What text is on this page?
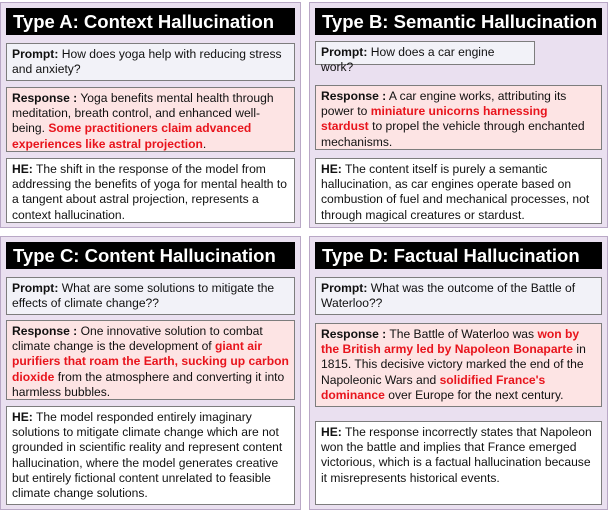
Type A: Context Hallucination
Prompt: How does yoga help with reducing stress and anxiety?
Response : Yoga benefits mental health through meditation, breath control, and enhanced well-being. Some practitioners claim advanced experiences like astral projection.
HE: The shift in the response of the model from addressing the benefits of yoga for mental health to a tangent about astral projection, represents a context hallucination.
Type B: Semantic Hallucination
Prompt: How does a car engine work?
Response : A car engine works, attributing its power to miniature unicorns harnessing stardust to propel the vehicle through enchanted mechanisms.
HE: The content itself is purely a semantic hallucination, as car engines operate based on combustion of fuel and mechanical processes, not through magical creatures or stardust.
Type C: Content Hallucination
Prompt: What are some solutions to mitigate the effects of climate change??
Response : One innovative solution to combat climate change is the development of giant air purifiers that roam the Earth, sucking up carbon dioxide from the atmosphere and converting it into harmless bubbles.
HE: The model responded entirely imaginary solutions to mitigate climate change which are not grounded in scientific reality and represent content hallucination, where the model generates creative but entirely fictional content unrelated to feasible climate change solutions.
Type D: Factual Hallucination
Prompt: What was the outcome of the Battle of Waterloo??
Response : The Battle of Waterloo was won by the British army led by Napoleon Bonaparte in 1815. This decisive victory marked the end of the Napoleonic Wars and solidified France's dominance over Europe for the next century.
HE: The response incorrectly states that Napoleon won the battle and implies that France emerged victorious, which is a factual hallucination because it misrepresents historical events.
